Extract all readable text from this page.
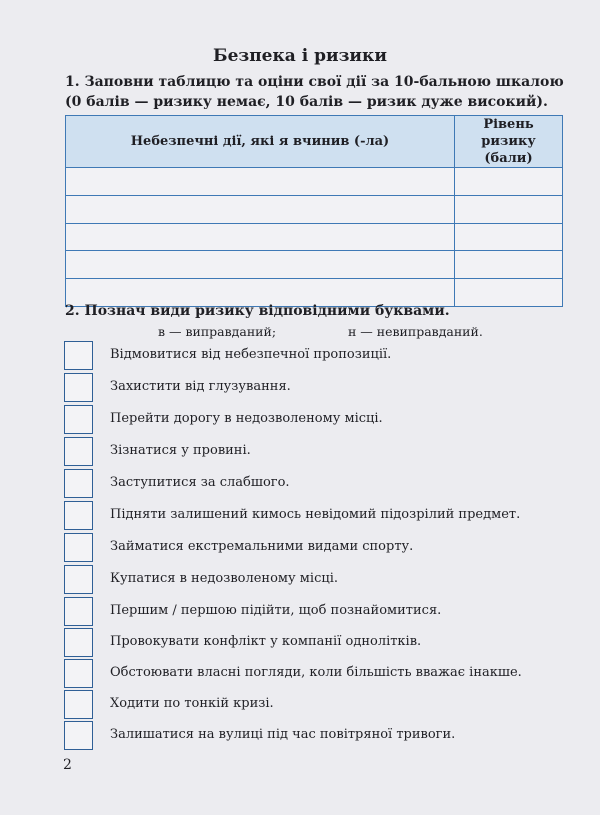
Безпека і ризики
1. Заповни таблицю та оціни свої дії за 10-бальною шкалою (0 балів — ризику немає, 10 балів — ризик дуже високий).
Небезпечні дії, які я вчинив (-ла)	Рівень ризику (бали)

2. Познач види ризику відповідними буквами.
в — виправданий;	н — невиправданий.
Відмовитися від небезпечної пропозиції.
Захистити від глузування.
Перейти дорогу в недозволеному місці.
Зізнатися у провині.
Заступитися за слабшого.
Підняти залишений кимось невідомий підозрілий предмет.
Займатися екстремальними видами спорту.
Купатися в недозволеному місці.
Першим / першою підійти, щоб познайомитися.
Провокувати конфлікт у компанії однолітків.
Обстоювати власні погляди, коли більшість вважає інакше.
Ходити по тонкій кризі.
Залишатися на вулиці під час повітряної тривоги.
2
